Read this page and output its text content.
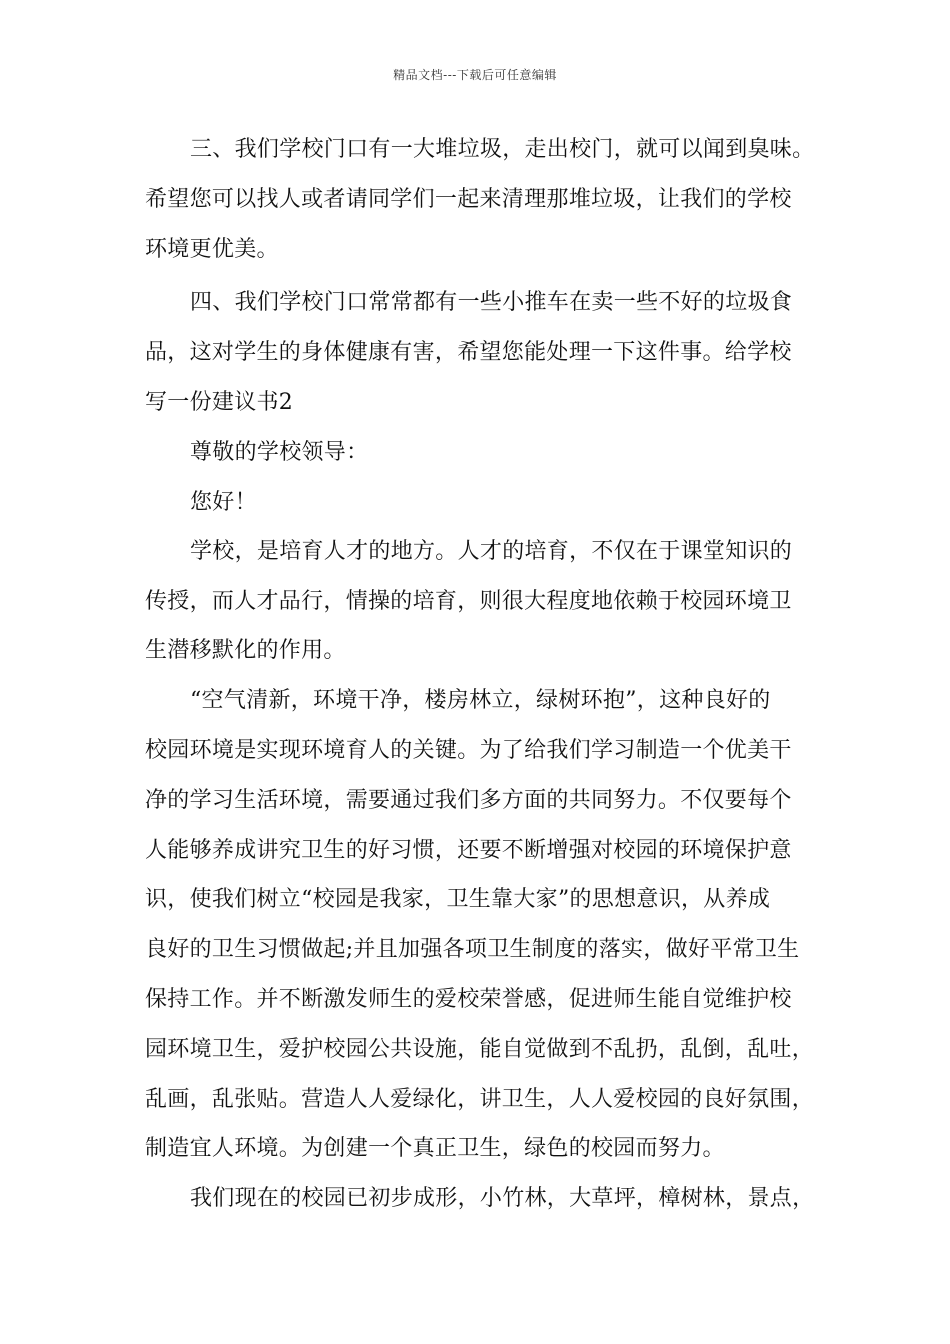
精品文档---下载后可任意编辑
三、我们学校门口有一大堆垃圾，走出校门，就可以闻到臭味。
希望您可以找人或者请同学们一起来清理那堆垃圾，让我们的学校
环境更优美。
四、我们学校门口常常都有一些小推车在卖一些不好的垃圾食
品，这对学生的身体健康有害，希望您能处理一下这件事。给学校
写一份建议书2
尊敬的学校领导：
您好！
学校，是培育人才的地方。人才的培育，不仅在于课堂知识的
传授，而人才品行，情操的培育，则很大程度地依赖于校园环境卫
生潜移默化的作用。
“空气清新，环境干净，楼房林立，绿树环抱”，这种良好的
校园环境是实现环境育人的关键。为了给我们学习制造一个优美干
净的学习生活环境，需要通过我们多方面的共同努力。不仅要每个
人能够养成讲究卫生的好习惯，还要不断增强对校园的环境保护意
识，使我们树立“校园是我家，卫生靠大家”的思想意识，从养成
良好的卫生习惯做起;并且加强各项卫生制度的落实，做好平常卫生
保持工作。并不断激发师生的爱校荣誉感，促进师生能自觉维护校
园环境卫生，爱护校园公共设施，能自觉做到不乱扔，乱倒，乱吐，
乱画，乱张贴。营造人人爱绿化，讲卫生，人人爱校园的良好氛围，
制造宜人环境。为创建一个真正卫生，绿色的校园而努力。
我们现在的校园已初步成形，小竹林，大草坪，樟树林，景点，
